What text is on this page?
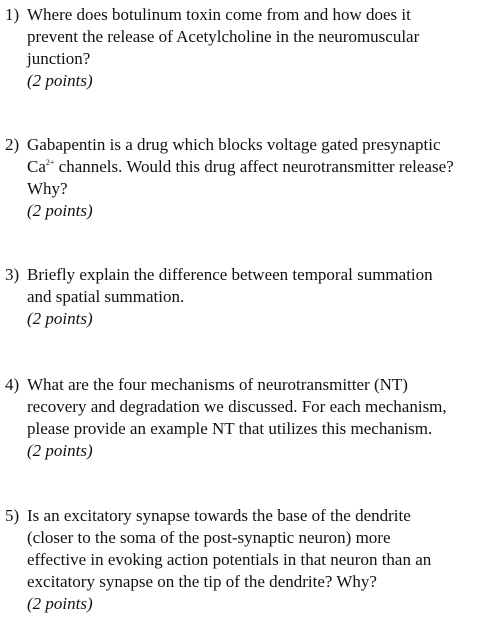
1) Where does botulinum toxin come from and how does it
prevent the release of Acetylcholine in the neuromuscular
junction?
(2 points)
2) Gabapentin is a drug which blocks voltage gated presynaptic
$Ca^{2+}$ channels. Would this drug affect neurotransmitter release?
Why?
(2 points)
3) Briefly explain the difference between temporal summation
and spatial summation.
(2 points)
4) What are the four mechanisms of neurotransmitter (NT)
recovery and degradation we discussed. For each mechanism,
please provide an example NT that utilizes this mechanism.
(2 points)
5) Is an excitatory synapse towards the base of the dendrite
(closer to the soma of the post-synaptic neuron) more
effective in evoking action potentials in that neuron than an
excitatory synapse on the tip of the dendrite? Why?
(2 points)
